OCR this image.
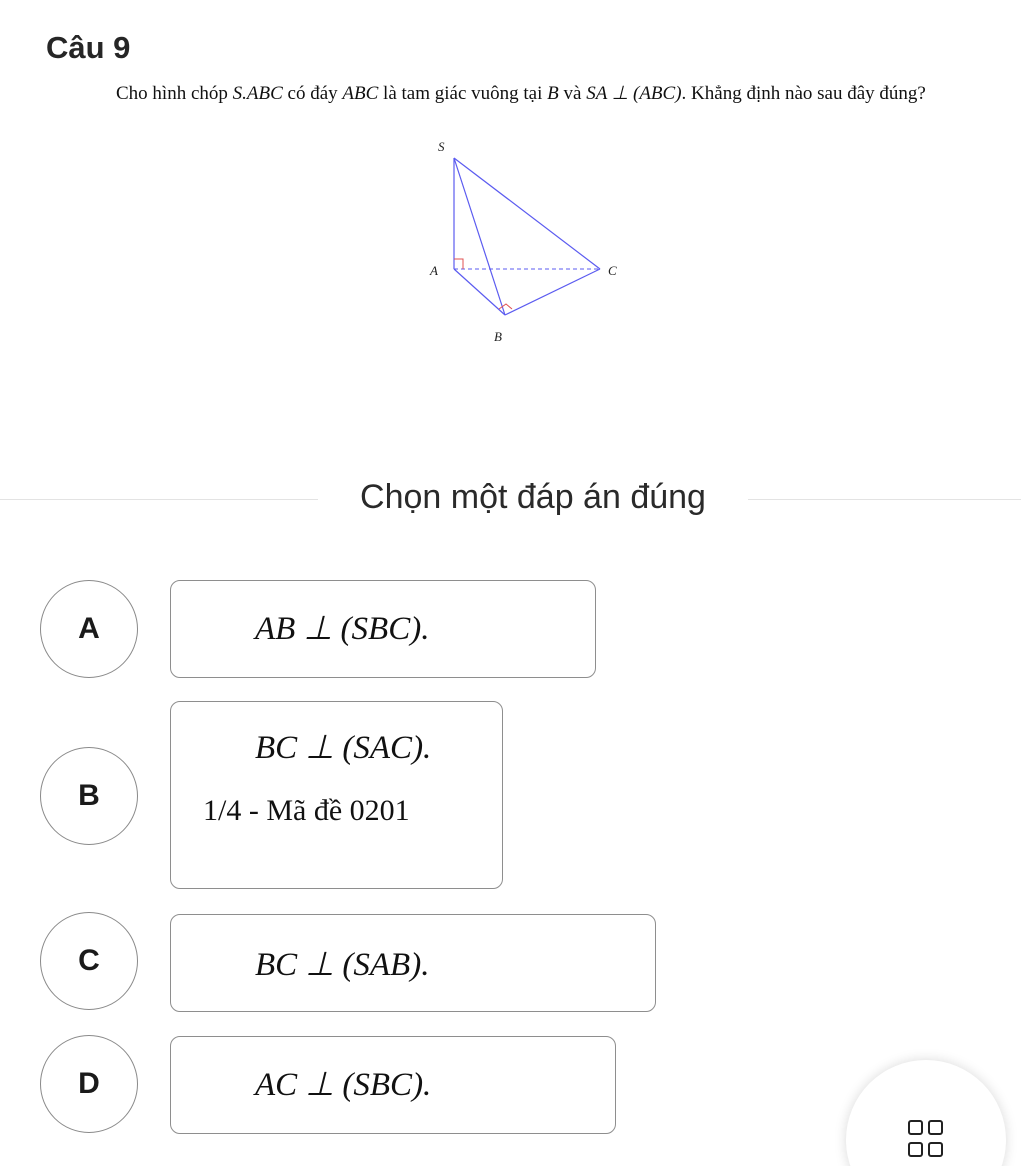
Câu 9
Cho hình chóp S.ABC có đáy ABC là tam giác vuông tại B và SA ⊥ (ABC). Khẳng định nào sau đây đúng?
S
A
B
C
Chọn một đáp án đúng
A	AB ⊥ (SBC).
B
BC ⊥ (SAC).
1/4 - Mã đề 0201
C	BC ⊥ (SAB).
D	AC ⊥ (SBC).
